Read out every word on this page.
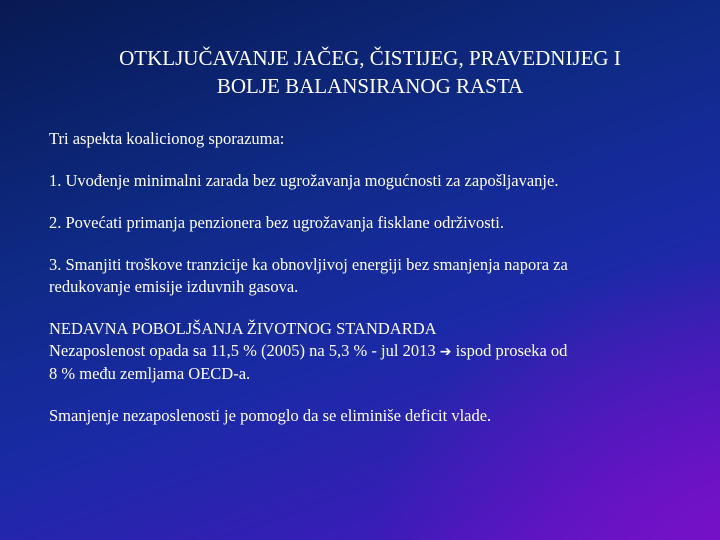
OTKLJUČAVANJE JAČEG, ČISTIJEG, PRAVEDNIJEG I
BOLJE BALANSIRANOG RASTA

Tri aspekta koalicionog sporazuma:

1. Uvođenje minimalni zarada bez ugrožavanja mogućnosti za zapošljavanje.

2. Povećati primanja penzionera bez ugrožavanja fisklane održivosti.

3. Smanjiti troškove tranzicije ka obnovljivoj energiji bez smanjenja napora za
redukovanje emisije izduvnih gasova.

NEDAVNA POBOLJŠANJA ŽIVOTNOG STANDARDA
Nezaposlenost opada sa 11,5 % (2005) na 5,3 % - jul 2013 ➔ ispod proseka od
8 % među zemljama OECD-a.

Smanjenje nezaposlenosti je pomoglo da se eliminiše deficit vlade.
